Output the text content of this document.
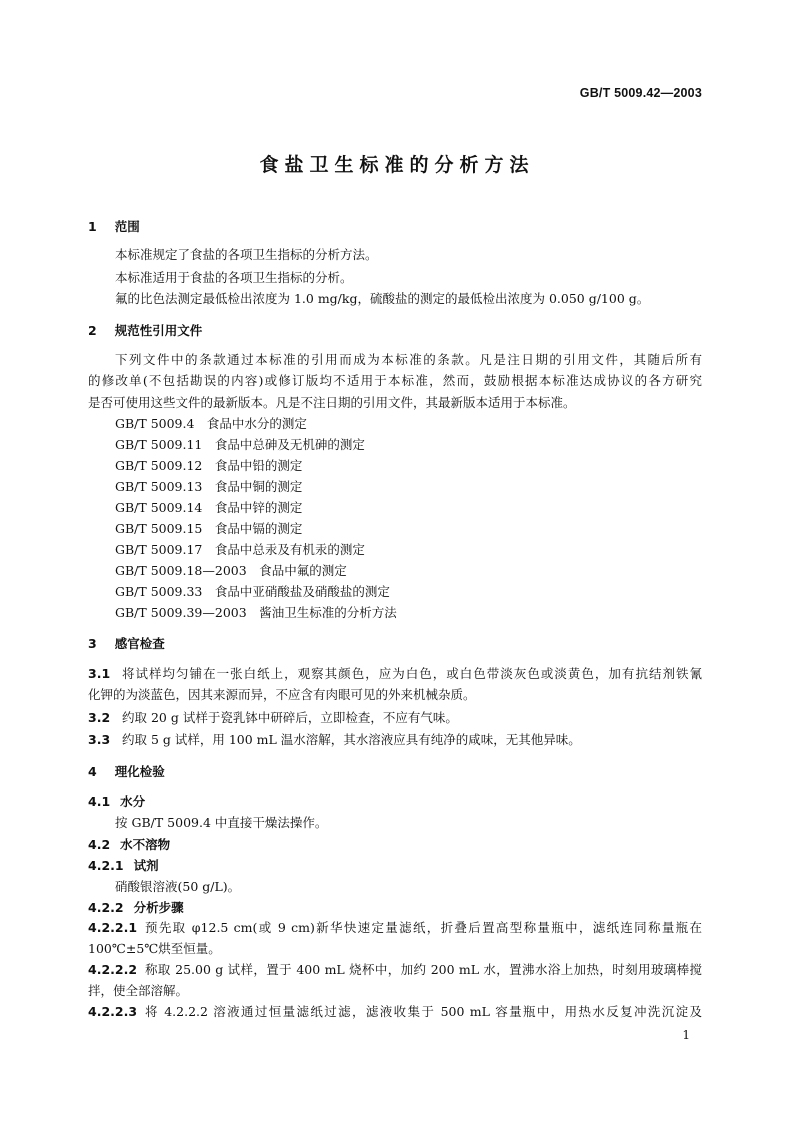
GB/T 5009.42—2003
食盐卫生标准的分析方法
1 范围
本标准规定了食盐的各项卫生指标的分析方法。
本标准适用于食盐的各项卫生指标的分析。
氟的比色法测定最低检出浓度为 1.0 mg/kg，硫酸盐的测定的最低检出浓度为 0.050 g/100 g。
2 规范性引用文件
下列文件中的条款通过本标准的引用而成为本标准的条款。凡是注日期的引用文件，其随后所有
的修改单(不包括勘误的内容)或修订版均不适用于本标准，然而，鼓励根据本标准达成协议的各方研究
是否可使用这些文件的最新版本。凡是不注日期的引用文件，其最新版本适用于本标准。
GB/T 5009.4　食品中水分的测定
GB/T 5009.11　食品中总砷及无机砷的测定
GB/T 5009.12　食品中铅的测定
GB/T 5009.13　食品中铜的测定
GB/T 5009.14　食品中锌的测定
GB/T 5009.15　食品中镉的测定
GB/T 5009.17　食品中总汞及有机汞的测定
GB/T 5009.18—2003　食品中氟的测定
GB/T 5009.33　食品中亚硝酸盐及硝酸盐的测定
GB/T 5009.39—2003　酱油卫生标准的分析方法
3 感官检查
3.1 将试样均匀铺在一张白纸上，观察其颜色，应为白色，或白色带淡灰色或淡黄色，加有抗结剂铁氰
化钾的为淡蓝色，因其来源而异，不应含有肉眼可见的外来机械杂质。
3.2 约取 20 g 试样于瓷乳钵中研碎后，立即检查，不应有气味。
3.3 约取 5 g 试样，用 100 mL 温水溶解，其水溶液应具有纯净的咸味，无其他异味。
4 理化检验
4.1 水分
按 GB/T 5009.4 中直接干燥法操作。
4.2 水不溶物
4.2.1 试剂
硝酸银溶液(50 g/L)。
4.2.2 分析步骤
4.2.2.1 预先取 φ12.5 cm(或 9 cm)新华快速定量滤纸，折叠后置高型称量瓶中，滤纸连同称量瓶在
100℃±5℃烘至恒量。
4.2.2.2 称取 25.00 g 试样，置于 400 mL 烧杯中，加约 200 mL 水，置沸水浴上加热，时刻用玻璃棒搅
拌，使全部溶解。
4.2.2.3 将 4.2.2.2 溶液通过恒量滤纸过滤，滤液收集于 500 mL 容量瓶中，用热水反复冲洗沉淀及
1
